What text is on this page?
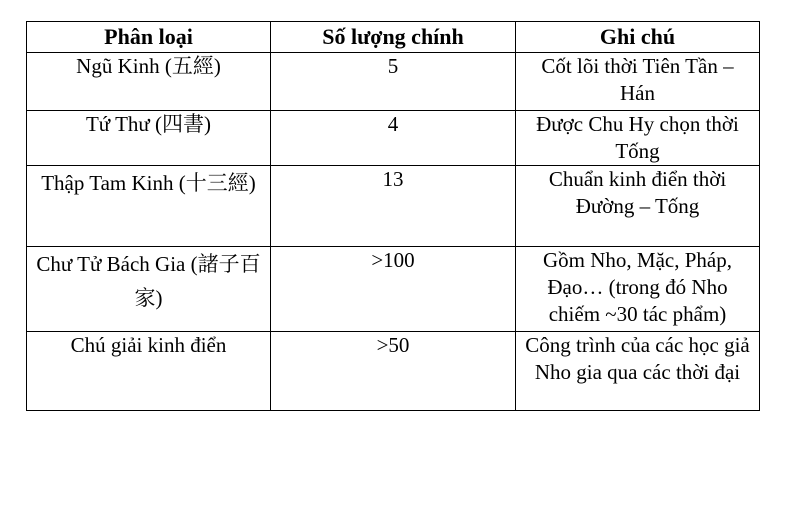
Phân loại	Số lượng chính	Ghi chú
Ngũ Kinh (五經)	5	Cốt lõi thời Tiên Tần – Hán
Tứ Thư (四書)	4	Được Chu Hy chọn thời Tống
Thập Tam Kinh (十三經)	13	Chuẩn kinh điển thời Đường – Tống
Chư Tử Bách Gia (諸子百家)	>100	Gồm Nho, Mặc, Pháp, Đạo… (trong đó Nho chiếm ~30 tác phẩm)
Chú giải kinh điển	>50	Công trình của các học giả Nho gia qua các thời đại
